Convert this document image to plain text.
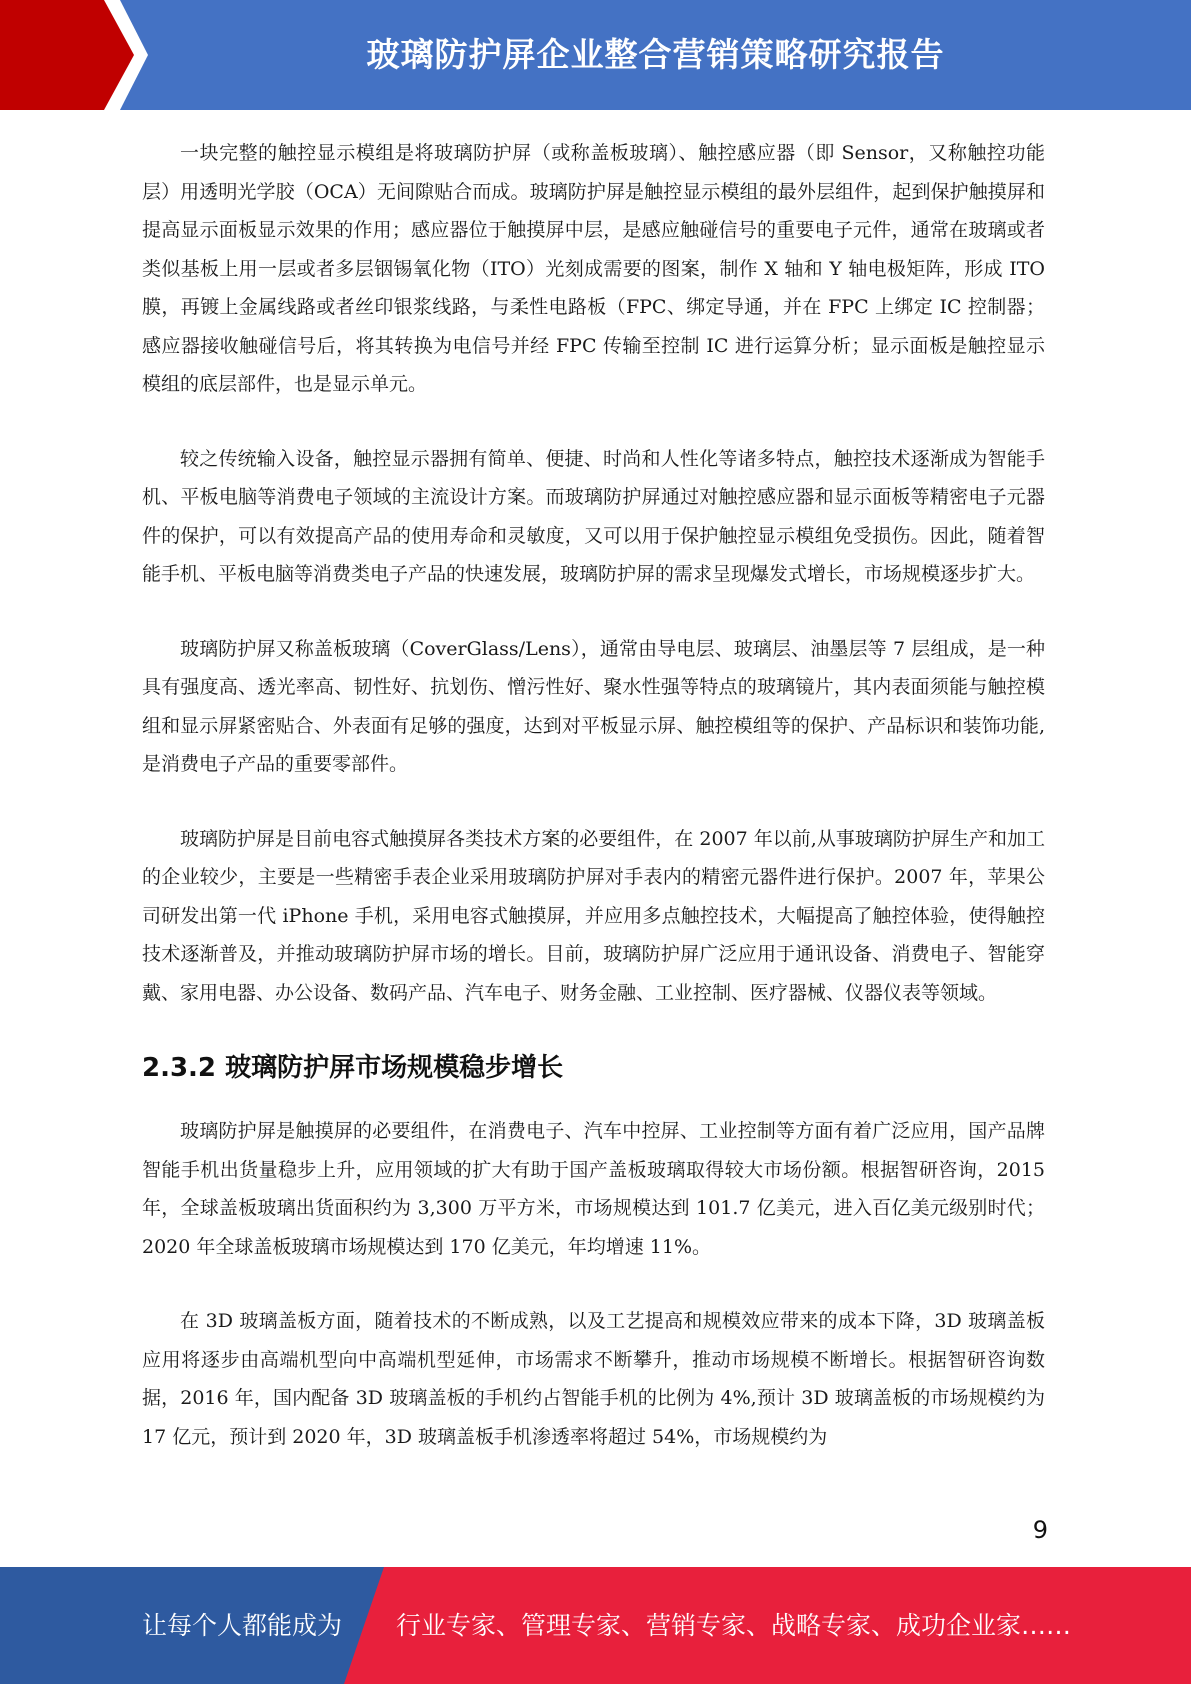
玻璃防护屏企业整合营销策略研究报告

一块完整的触控显示模组是将玻璃防护屏（或称盖板玻璃）、触控感应器（即 Sensor，又称触控功能层）用透明光学胶（OCA）无间隙贴合而成。玻璃防护屏是触控显示模组的最外层组件，起到保护触摸屏和提高显示面板显示效果的作用；感应器位于触摸屏中层，是感应触碰信号的重要电子元件，通常在玻璃或者类似基板上用一层或者多层铟锡氧化物（ITO）光刻成需要的图案，制作 X 轴和 Y 轴电极矩阵，形成 ITO 膜，再镀上金属线路或者丝印银浆线路，与柔性电路板（FPC、绑定导通，并在 FPC 上绑定 IC 控制器；感应器接收触碰信号后，将其转换为电信号并经 FPC 传输至控制 IC 进行运算分析；显示面板是触控显示模组的底层部件，也是显示单元。

较之传统输入设备，触控显示器拥有简单、便捷、时尚和人性化等诸多特点，触控技术逐渐成为智能手机、平板电脑等消费电子领域的主流设计方案。而玻璃防护屏通过对触控感应器和显示面板等精密电子元器件的保护，可以有效提高产品的使用寿命和灵敏度，又可以用于保护触控显示模组免受损伤。因此，随着智能手机、平板电脑等消费类电子产品的快速发展，玻璃防护屏的需求呈现爆发式增长，市场规模逐步扩大。

玻璃防护屏又称盖板玻璃（CoverGlass/Lens），通常由导电层、玻璃层、油墨层等 7 层组成，是一种具有强度高、透光率高、韧性好、抗划伤、憎污性好、聚水性强等特点的玻璃镜片，其内表面须能与触控模组和显示屏紧密贴合、外表面有足够的强度，达到对平板显示屏、触控模组等的保护、产品标识和装饰功能,是消费电子产品的重要零部件。

玻璃防护屏是目前电容式触摸屏各类技术方案的必要组件，在 2007 年以前,从事玻璃防护屏生产和加工的企业较少，主要是一些精密手表企业采用玻璃防护屏对手表内的精密元器件进行保护。2007 年，苹果公司研发出第一代 iPhone 手机，采用电容式触摸屏，并应用多点触控技术，大幅提高了触控体验，使得触控技术逐渐普及，并推动玻璃防护屏市场的增长。目前，玻璃防护屏广泛应用于通讯设备、消费电子、智能穿戴、家用电器、办公设备、数码产品、汽车电子、财务金融、工业控制、医疗器械、仪器仪表等领域。

2.3.2 玻璃防护屏市场规模稳步增长

玻璃防护屏是触摸屏的必要组件，在消费电子、汽车中控屏、工业控制等方面有着广泛应用，国产品牌智能手机出货量稳步上升，应用领域的扩大有助于国产盖板玻璃取得较大市场份额。根据智研咨询，2015 年，全球盖板玻璃出货面积约为 3,300 万平方米，市场规模达到 101.7 亿美元，进入百亿美元级别时代；2020 年全球盖板玻璃市场规模达到 170 亿美元，年均增速 11%。

在 3D 玻璃盖板方面，随着技术的不断成熟，以及工艺提高和规模效应带来的成本下降，3D 玻璃盖板应用将逐步由高端机型向中高端机型延伸，市场需求不断攀升，推动市场规模不断增长。根据智研咨询数据，2016 年，国内配备 3D 玻璃盖板的手机约占智能手机的比例为 4%,预计 3D 玻璃盖板的市场规模约为 17 亿元，预计到 2020 年，3D 玻璃盖板手机渗透率将超过 54%，市场规模约为

9
让每个人都能成为 行业专家、管理专家、营销专家、战略专家、成功企业家……
